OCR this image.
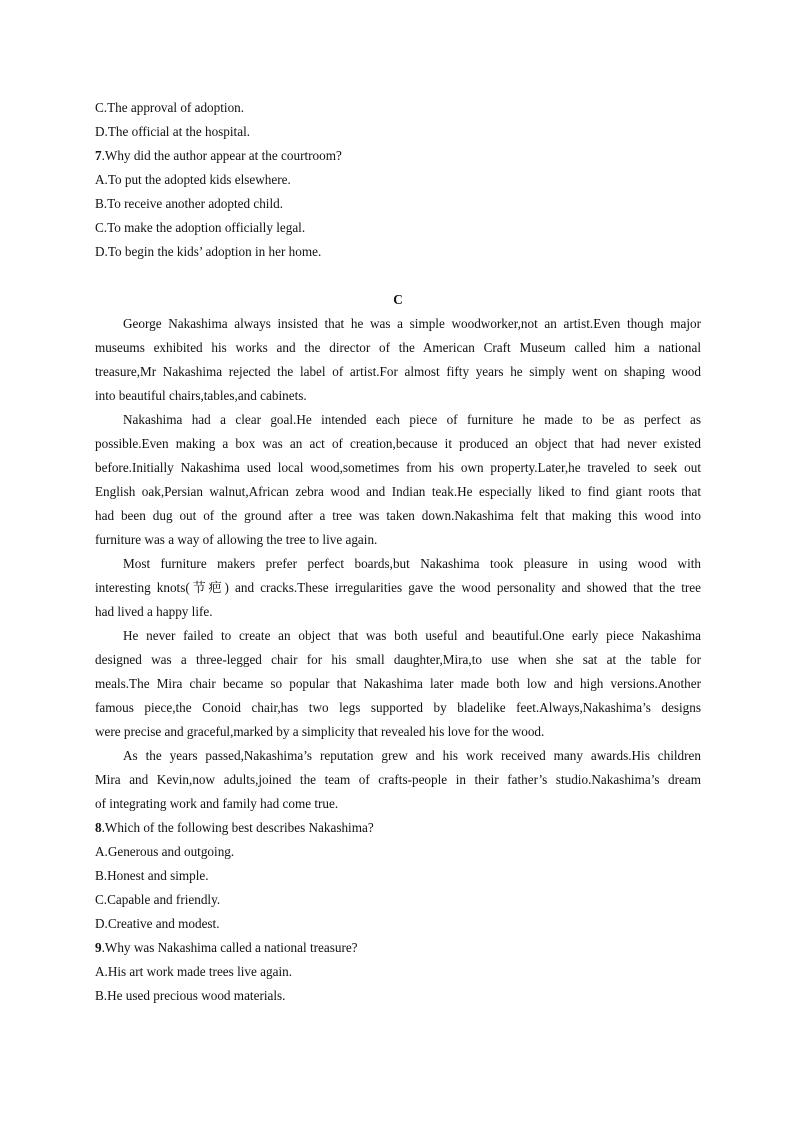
C.The approval of adoption.
D.The official at the hospital.
7.Why did the author appear at the courtroom?
A.To put the adopted kids elsewhere.
B.To receive another adopted child.
C.To make the adoption officially legal.
D.To begin the kids’ adoption in her home.
C
George Nakashima always insisted that he was a simple woodworker,not an artist.Even though major
museums exhibited his works and the director of the American Craft Museum called him a national
treasure,Mr Nakashima rejected the label of artist.For almost fifty years he simply went on shaping wood
into beautiful chairs,tables,and cabinets.
Nakashima had a clear goal.He intended each piece of furniture he made to be as perfect as
possible.Even making a box was an act of creation,because it produced an object that had never existed
before.Initially Nakashima used local wood,sometimes from his own property.Later,he traveled to seek out
English oak,Persian walnut,African zebra wood and Indian teak.He especially liked to find giant roots that
had been dug out of the ground after a tree was taken down.Nakashima felt that making this wood into
furniture was a way of allowing the tree to live again.
Most furniture makers prefer perfect boards,but Nakashima took pleasure in using wood with
interesting knots(节疤) and cracks.These irregularities gave the wood personality and showed that the tree
had lived a happy life.
He never failed to create an object that was both useful and beautiful.One early piece Nakashima
designed was a three-legged chair for his small daughter,Mira,to use when she sat at the table for
meals.The Mira chair became so popular that Nakashima later made both low and high versions.Another
famous piece,the Conoid chair,has two legs supported by bladelike feet.Always,Nakashima’s designs
were precise and graceful,marked by a simplicity that revealed his love for the wood.
As the years passed,Nakashima’s reputation grew and his work received many awards.His children
Mira and Kevin,now adults,joined the team of crafts-people in their father’s studio.Nakashima’s dream
of integrating work and family had come true.
8.Which of the following best describes Nakashima?
A.Generous and outgoing.
B.Honest and simple.
C.Capable and friendly.
D.Creative and modest.
9.Why was Nakashima called a national treasure?
A.His art work made trees live again.
B.He used precious wood materials.
